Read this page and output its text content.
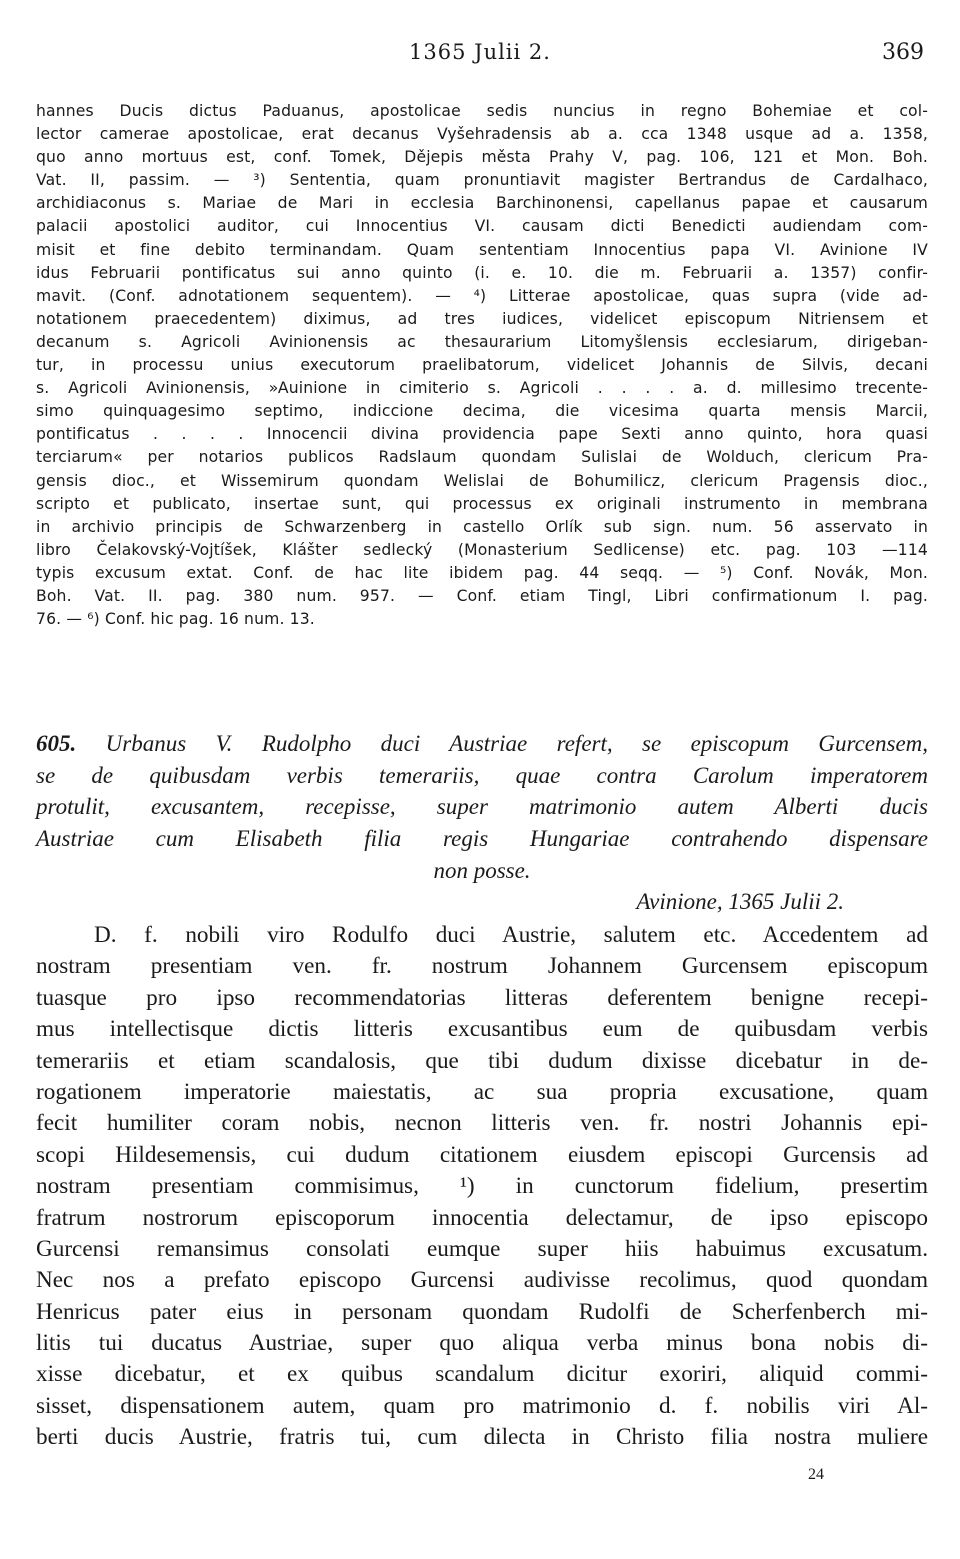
1365 Julii 2.	369
hannes Ducis dictus Paduanus, apostolicae sedis nuncius in regno Bohemiae et col-
lector camerae apostolicae, erat decanus Vyšehradensis ab a. cca 1348 usque ad a. 1358,
quo anno mortuus est, conf. Tomek, Dějepis města Prahy V, pag. 106, 121 et Mon. Boh.
Vat. II, passim. — ³) Sententia, quam pronuntiavit magister Bertrandus de Cardalhaco,
archidiaconus s. Mariae de Mari in ecclesia Barchinonensi, capellanus papae et causarum
palacii apostolici auditor, cui Innocentius VI. causam dicti Benedicti audiendam com-
misit et fine debito terminandam. Quam sententiam Innocentius papa VI. Avinione IV
idus Februarii pontificatus sui anno quinto (i. e. 10. die m. Februarii a. 1357) confir-
mavit. (Conf. adnotationem sequentem). — ⁴) Litterae apostolicae, quas supra (vide ad-
notationem praecedentem) diximus, ad tres iudices, videlicet episcopum Nitriensem et
decanum s. Agricoli Avinionensis ac thesaurarium Litomyšlensis ecclesiarum, dirigeban-
tur, in processu unius executorum praelibatorum, videlicet Johannis de Silvis, decani
s. Agricoli Avinionensis, »Auinione in cimiterio s. Agricoli . . . . a. d. millesimo trecente-
simo quinquagesimo septimo, indiccione decima, die vicesima quarta mensis Marcii,
pontificatus . . . . Innocencii divina providencia pape Sexti anno quinto, hora quasi
terciarum« per notarios publicos Radslaum quondam Sulislai de Wolduch, clericum Pra-
gensis dioc., et Wissemirum quondam Welislai de Bohumilicz, clericum Pragensis dioc.,
scripto et publicato, insertae sunt, qui processus ex originali instrumento in membrana
in archivio principis de Schwarzenberg in castello Orlík sub sign. num. 56 asservato in
libro Čelakovský-Vojtíšek, Klášter sedlecký (Monasterium Sedlicense) etc. pag. 103 —114
typis excusum extat. Conf. de hac lite ibidem pag. 44 seqq. — ⁵) Conf. Novák, Mon.
Boh. Vat. II. pag. 380 num. 957. — Conf. etiam Tingl, Libri confirmationum I. pag.
76. — ⁶) Conf. hic pag. 16 num. 13.
605. Urbanus V. Rudolpho duci Austriae refert, se episcopum Gurcensem,
se de quibusdam verbis temerariis, quae contra Carolum imperatorem
protulit, excusantem, recepisse, super matrimonio autem Alberti ducis
Austriae cum Elisabeth filia regis Hungariae contrahendo dispensare
non posse.
Avinione, 1365 Julii 2.
D. f. nobili viro Rodulfo duci Austrie, salutem etc. Accedentem ad
nostram presentiam ven. fr. nostrum Johannem Gurcensem episcopum
tuasque pro ipso recommendatorias litteras deferentem benigne recepi-
mus intellectisque dictis litteris excusantibus eum de quibusdam verbis
temerariis et etiam scandalosis, que tibi dudum dixisse dicebatur in de-
rogationem imperatorie maiestatis, ac sua propria excusatione, quam
fecit humiliter coram nobis, necnon litteris ven. fr. nostri Johannis epi-
scopi Hildesemensis, cui dudum citationem eiusdem episcopi Gurcensis ad
nostram presentiam commisimus, ¹) in cunctorum fidelium, presertim
fratrum nostrorum episcoporum innocentia delectamur, de ipso episcopo
Gurcensi remansimus consolati eumque super hiis habuimus excusatum.
Nec nos a prefato episcopo Gurcensi audivisse recolimus, quod quondam
Henricus pater eius in personam quondam Rudolfi de Scherfenberch mi-
litis tui ducatus Austriae, super quo aliqua verba minus bona nobis di-
xisse dicebatur, et ex quibus scandalum dicitur exoriri, aliquid commi-
sisset, dispensationem autem, quam pro matrimonio d. f. nobilis viri Al-
berti ducis Austrie, fratris tui, cum dilecta in Christo filia nostra muliere
24
